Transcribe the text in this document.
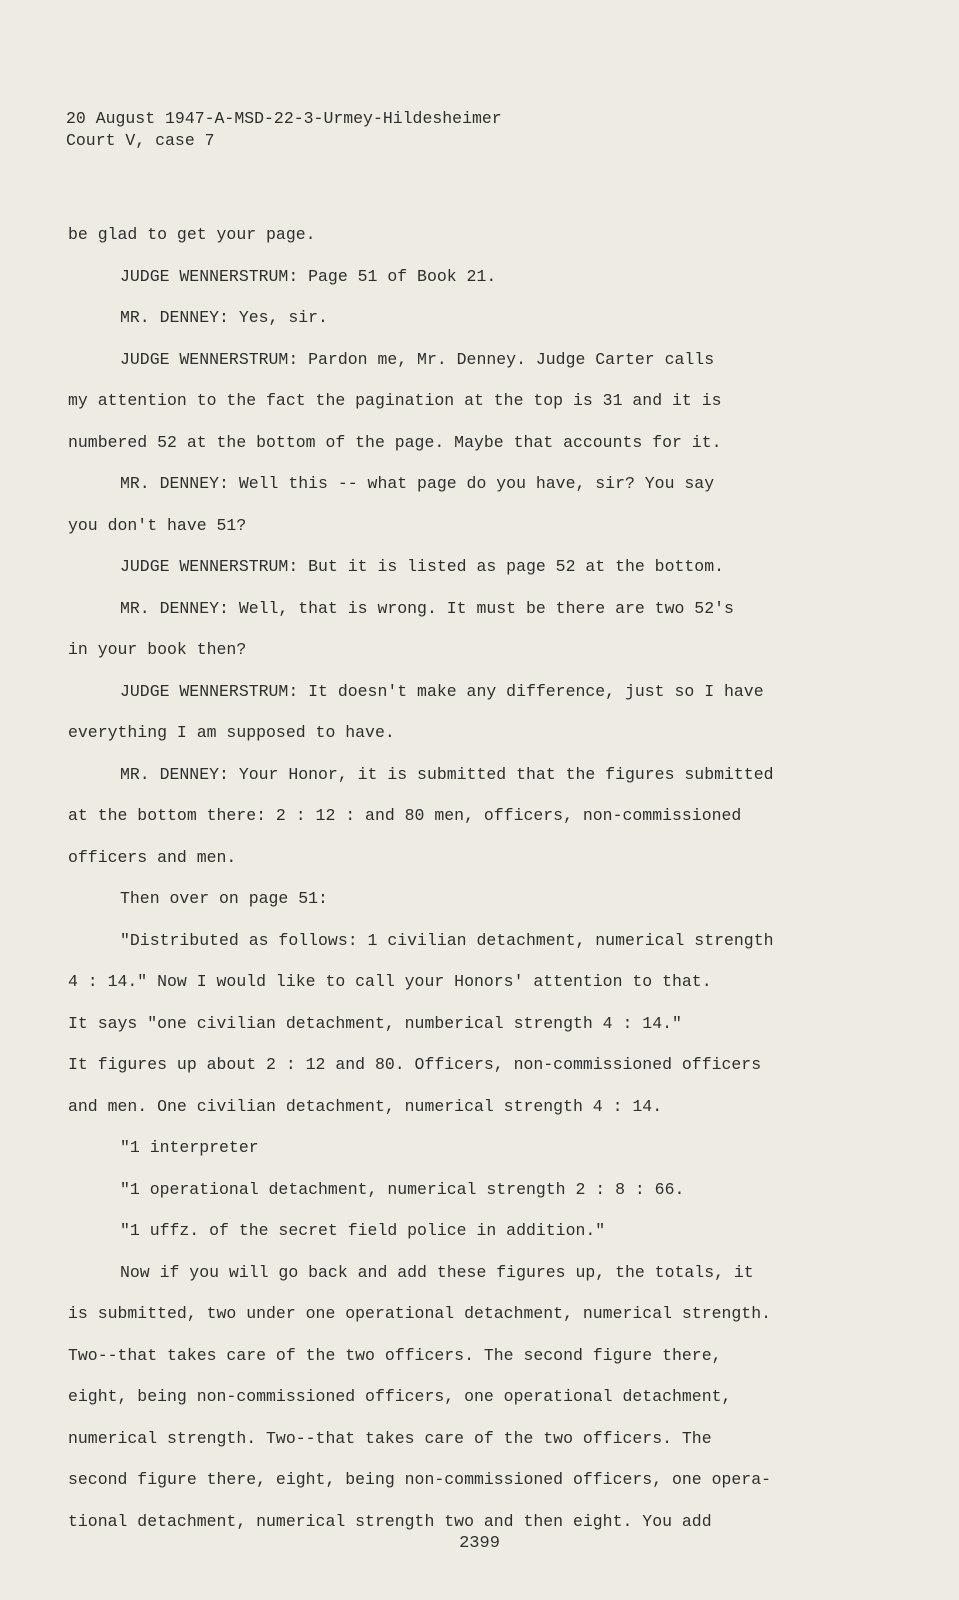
20 August 1947-A-MSD-22-3-Urmey-Hildesheimer
Court V, case 7
be glad to get your page.
JUDGE WENNERSTRUM: Page 51 of Book 21.
MR. DENNEY: Yes, sir.
JUDGE WENNERSTRUM: Pardon me, Mr. Denney. Judge Carter calls
my attention to the fact the pagination at the top is 31 and it is
numbered 52 at the bottom of the page. Maybe that accounts for it.
MR. DENNEY: Well this -- what page do you have, sir? You say
you don't have 51?
JUDGE WENNERSTRUM: But it is listed as page 52 at the bottom.
MR. DENNEY: Well, that is wrong. It must be there are two 52's
in your book then?
JUDGE WENNERSTRUM: It doesn't make any difference, just so I have
everything I am supposed to have.
MR. DENNEY: Your Honor, it is submitted that the figures submitted
at the bottom there: 2 : 12 : and 80 men, officers, non-commissioned
officers and men.
Then over on page 51:
"Distributed as follows: 1 civilian detachment, numerical strength
4 : 14." Now I would like to call your Honors' attention to that.
It says "one civilian detachment, numberical strength 4 : 14."
It figures up about 2 : 12 and 80. Officers, non-commissioned officers
and men. One civilian detachment, numerical strength 4 : 14.
"1 interpreter
"1 operational detachment, numerical strength 2 : 8 : 66.
"1 uffz. of the secret field police in addition."
Now if you will go back and add these figures up, the totals, it
is submitted, two under one operational detachment, numerical strength.
Two--that takes care of the two officers. The second figure there,
eight, being non-commissioned officers, one operational detachment,
numerical strength. Two--that takes care of the two officers. The
second figure there, eight, being non-commissioned officers, one opera-
tional detachment, numerical strength two and then eight. You add
2399
